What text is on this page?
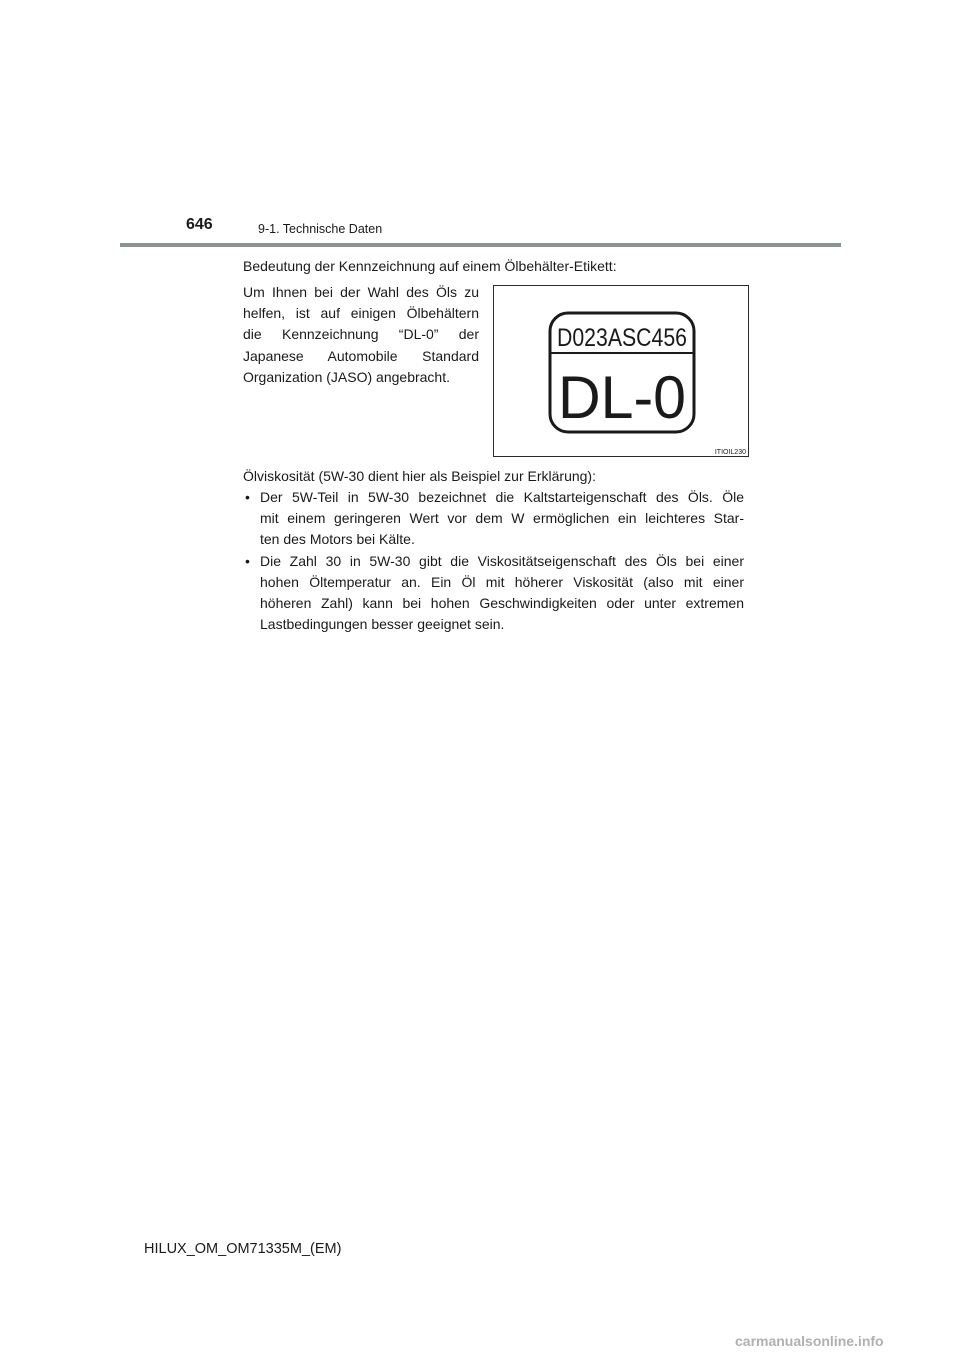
646	9-1. Technische Daten
Bedeutung der Kennzeichnung auf einem Ölbehälter-Etikett:
Um Ihnen bei der Wahl des Öls zu
helfen, ist auf einigen Ölbehältern
die Kennzeichnung “DL-0” der
Japanese Automobile Standard
Organization (JASO) angebracht.
D023ASC456
DL-0
ITIOIL230
Ölviskosität (5W-30 dient hier als Beispiel zur Erklärung):
• Der 5W-Teil in 5W-30 bezeichnet die Kaltstarteigenschaft des Öls. Öle
mit einem geringeren Wert vor dem W ermöglichen ein leichteres Star-
ten des Motors bei Kälte.
• Die Zahl 30 in 5W-30 gibt die Viskositätseigenschaft des Öls bei einer
hohen Öltemperatur an. Ein Öl mit höherer Viskosität (also mit einer
höheren Zahl) kann bei hohen Geschwindigkeiten oder unter extremen
Lastbedingungen besser geeignet sein.
HILUX_OM_OM71335M_(EM)
carmanualsonline.info
